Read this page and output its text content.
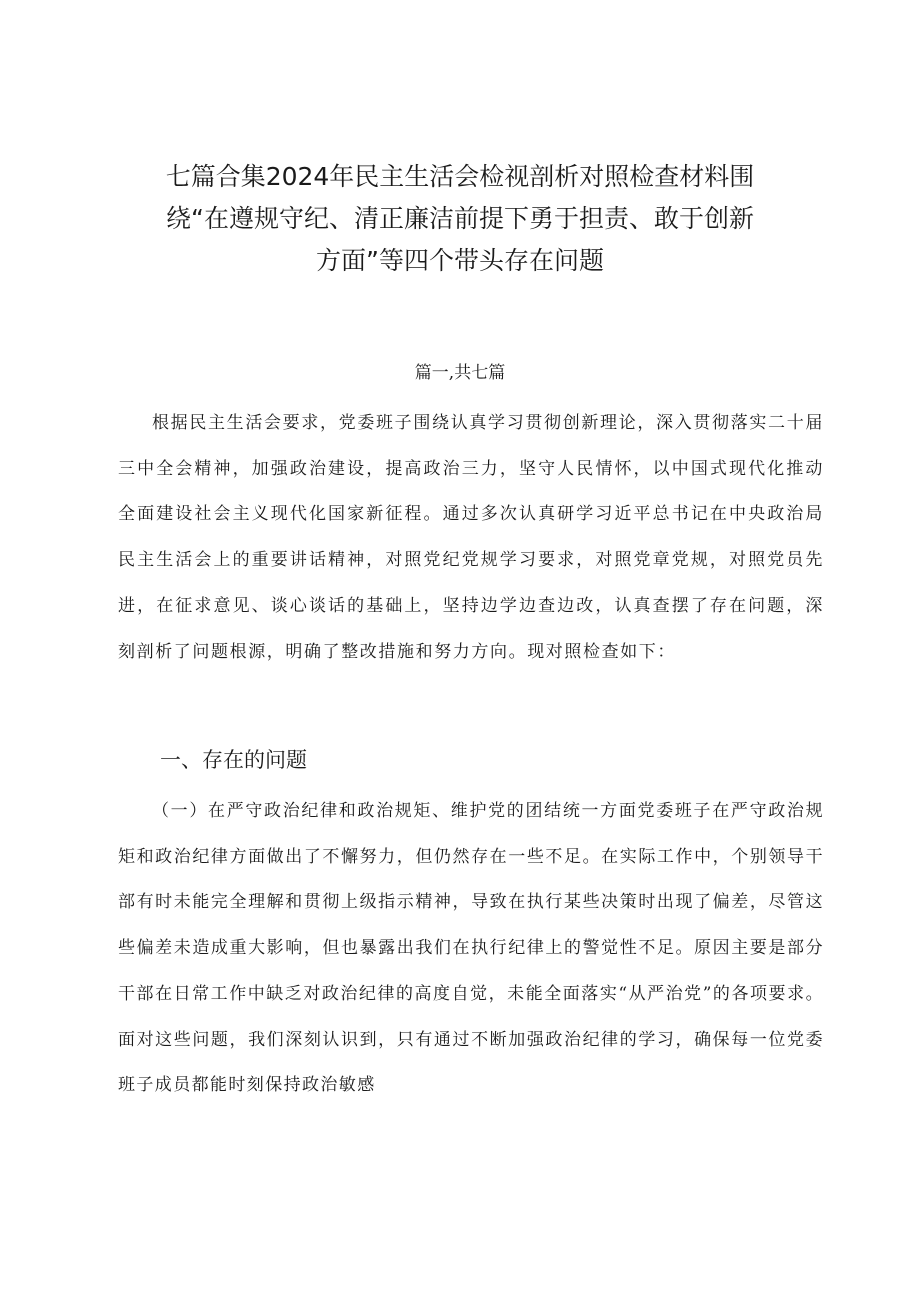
七篇合集2024年民主生活会检视剖析对照检查材料围
绕“在遵规守纪、清正廉洁前提下勇于担责、敢于创新
方面”等四个带头存在问题

篇一,共七篇

根据民主生活会要求，党委班子围绕认真学习贯彻创新理论，深入贯彻落实二十届三中全会精神，加强政治建设，提高政治三力，坚守人民情怀，以中国式现代化推动全面建设社会主义现代化国家新征程。通过多次认真研学习近平总书记在中央政治局民主生活会上的重要讲话精神，对照党纪党规学习要求，对照党章党规，对照党员先进，在征求意见、谈心谈话的基础上，坚持边学边查边改，认真查摆了存在问题，深刻剖析了问题根源，明确了整改措施和努力方向。现对照检查如下：

一、存在的问题

（一）在严守政治纪律和政治规矩、维护党的团结统一方面党委班子在严守政治规矩和政治纪律方面做出了不懈努力，但仍然存在一些不足。在实际工作中，个别领导干部有时未能完全理解和贯彻上级指示精神，导致在执行某些决策时出现了偏差，尽管这些偏差未造成重大影响，但也暴露出我们在执行纪律上的警觉性不足。原因主要是部分干部在日常工作中缺乏对政治纪律的高度自觉，未能全面落实“从严治党”的各项要求。面对这些问题，我们深刻认识到，只有通过不断加强政治纪律的学习，确保每一位党委班子成员都能时刻保持政治敏感
